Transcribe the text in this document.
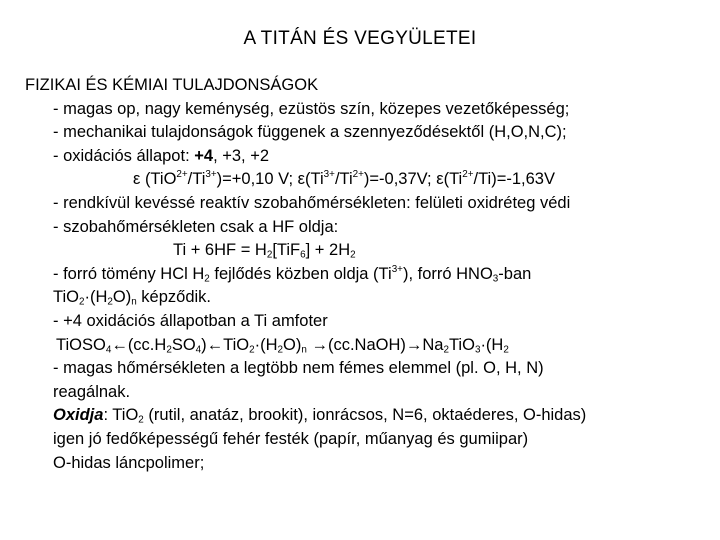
A TITÁN ÉS VEGYÜLETEI
FIZIKAI ÉS KÉMIAI TULAJDONSÁGOK
- magas op, nagy keménység, ezüstös szín, közepes vezetőképesség;
- mechanikai tulajdonságok függenek a szennyeződésektől (H,O,N,C);
- oxidációs állapot: +4, +3, +2
ε $(TiO^{2+}/Ti^{3+})=+0,10$ V; $\varepsilon(Ti^{3+}/Ti^{2+})=-0,37V$; $\varepsilon(Ti^{2+}/Ti)=-1,63V$
- rendkívül kevéssé reaktív szobahőmérsékleten: felületi oxidréteg védi
- szobahőmérsékleten csak a HF oldja:
$Ti + 6HF = H_2[TiF_6] + 2H_2$
- forró tömény HCl $H_2$ fejlődés közben oldja $(Ti^{3+})$, forró $HNO_3$-ban
$TiO_2\cdot(H_2O)_n$ képződik.
- +4 oxidációs állapotban a Ti amfoter
$TiOSO_4\leftarrow(cc.H_2SO_4)\leftarrow TiO_2\cdot(H_2O)_n$ $\to(cc.NaOH)\to Na_2TiO_3\cdot(H_2$
- magas hőmérsékleten a legtöbb nem fémes elemmel (pl. O, H, N)
reagálnak.
Oxidja: TiO$_2$ (rutil, anatáz, brookit), ionrácsos, N=6, oktaéderes, O-hidas)
igen jó fedőképességű fehér festék (papír, műanyag és gumiipar)
O-hidas láncpolimer;
